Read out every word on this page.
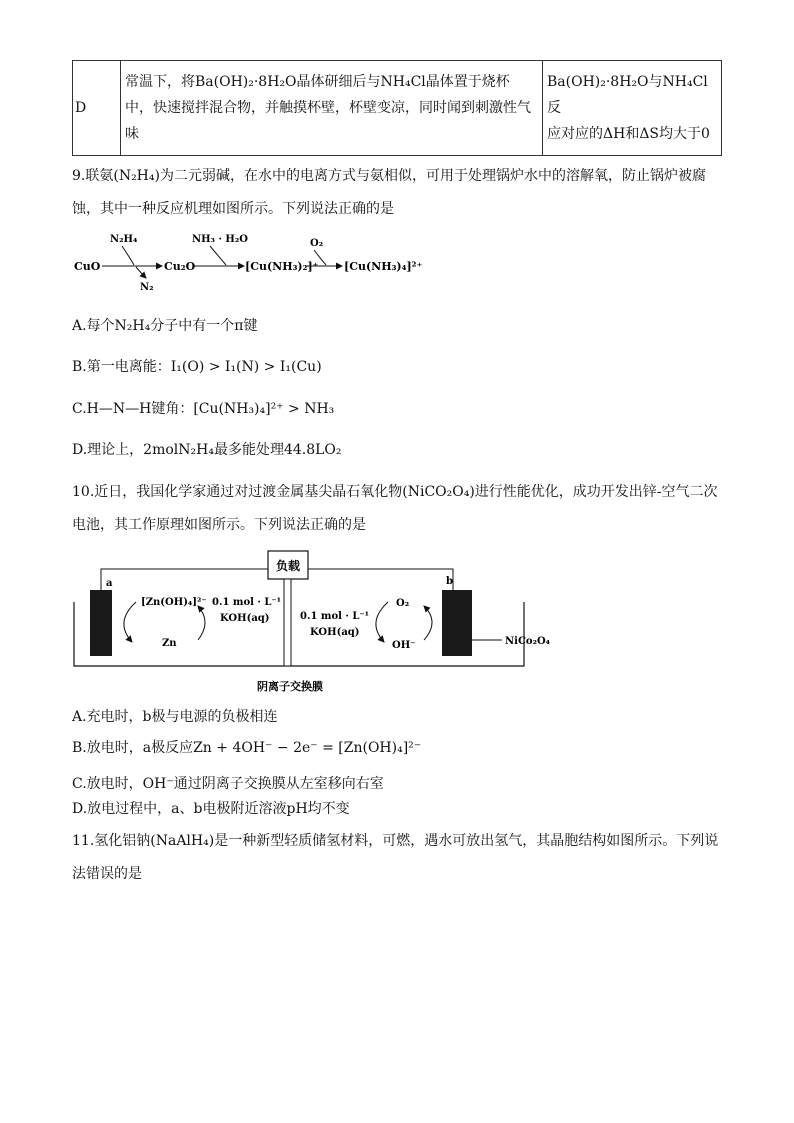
D	
常温下，将Ba(OH)₂·8H₂O晶体研细后与NH₄Cl晶体置于烧杯
中，快速搅拌混合物，并触摸杯壁，杯壁变凉，同时闻到刺激性气
味

Ba(OH)₂·8H₂O与NH₄Cl反
应对应的ΔH和ΔS均大于0
9.联氨(N₂H₄)为二元弱碱，在水中的电离方式与氨相似，可用于处理锅炉水中的溶解氧，防止锅炉被腐
蚀，其中一种反应机理如图所示。下列说法正确的是
CuO
N₂H₄
N₂
Cu₂O
NH₃ · H₂O
[Cu(NH₃)₂]⁺
O₂
[Cu(NH₃)₄]²⁺
A.每个N₂H₄分子中有一个π键
B.第一电离能：I₁(O) > I₁(N) > I₁(Cu)
C.H—N—H键角：[Cu(NH₃)₄]²⁺ > NH₃
D.理论上，2molN₂H₄最多能处理44.8LO₂
10.近日，我国化学家通过对过渡金属基尖晶石氧化物(NiCO₂O₄)进行性能优化，成功开发出锌-空气二次
电池，其工作原理如图所示。下列说法正确的是
负载
a	b
[Zn(OH)₄]²⁻
Zn
0.1 mol · L⁻¹
KOH(aq)	0.1 mol · L⁻¹
KOH(aq)
O₂
OH⁻	NiCo₂O₄
阴离子交换膜
A.充电时，b极与电源的负极相连
B.放电时，a极反应Zn + 4OH⁻ − 2e⁻ = [Zn(OH)₄]²⁻
C.放电时，OH⁻通过阴离子交换膜从左室移向右室
D.放电过程中，a、b电极附近溶液pH均不变
11.氢化铝钠(NaAlH₄)是一种新型轻质储氢材料，可燃，遇水可放出氢气，其晶胞结构如图所示。下列说
法错误的是
